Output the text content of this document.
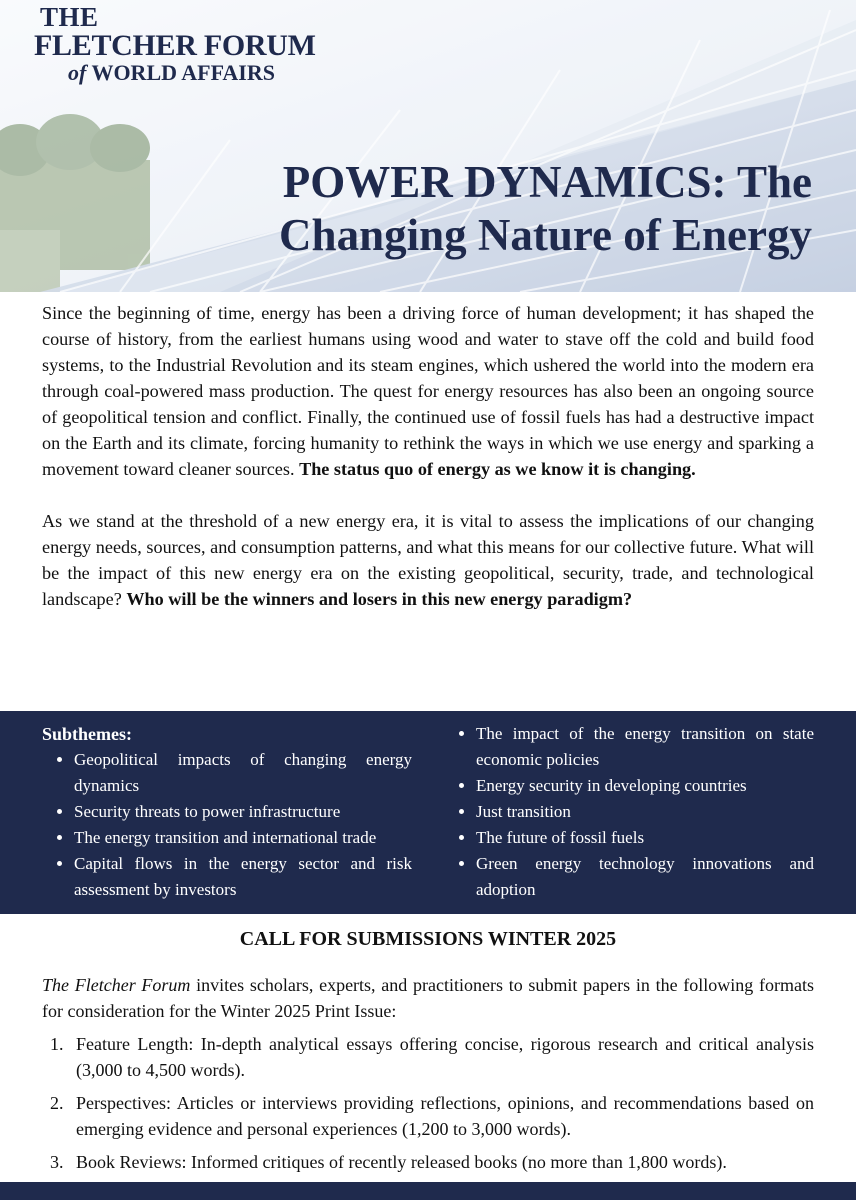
THE
FLETCHER FORUM
of WORLD AFFAIRS
POWER DYNAMICS: The
Changing Nature of Energy

Since the beginning of time, energy has been a driving force of human development; it has shaped the course of history, from the earliest humans using wood and water to stave off the cold and build food systems, to the Industrial Revolution and its steam engines, which ushered the world into the modern era through coal-powered mass production. The quest for energy resources has also been an ongoing source of geopolitical tension and conflict. Finally, the continued use of fossil fuels has had a destructive impact on the Earth and its climate, forcing humanity to rethink the ways in which we use energy and sparking a movement toward cleaner sources. The status quo of energy as we know it is changing.

As we stand at the threshold of a new energy era, it is vital to assess the implications of our changing energy needs, sources, and consumption patterns, and what this means for our collective future. What will be the impact of this new energy era on the existing geopolitical, security, trade, and technological landscape? Who will be the winners and losers in this new energy paradigm?

Subthemes:
• Geopolitical impacts of changing energy dynamics
• Security threats to power infrastructure
• The energy transition and international trade
• Capital flows in the energy sector and risk assessment by investors
• The impact of the energy transition on state economic policies
• Energy security in developing countries
• Just transition
• The future of fossil fuels
• Green energy technology innovations and adoption
CALL FOR SUBMISSIONS WINTER 2025

The Fletcher Forum invites scholars, experts, and practitioners to submit papers in the following formats for consideration for the Winter 2025 Print Issue:

1. Feature Length: In-depth analytical essays offering concise, rigorous research and critical analysis (3,000 to 4,500 words).
2. Perspectives: Articles or interviews providing reflections, opinions, and recommendations based on emerging evidence and personal experiences (1,200 to 3,000 words).
3. Book Reviews: Informed critiques of recently released books (no more than 1,800 words).
